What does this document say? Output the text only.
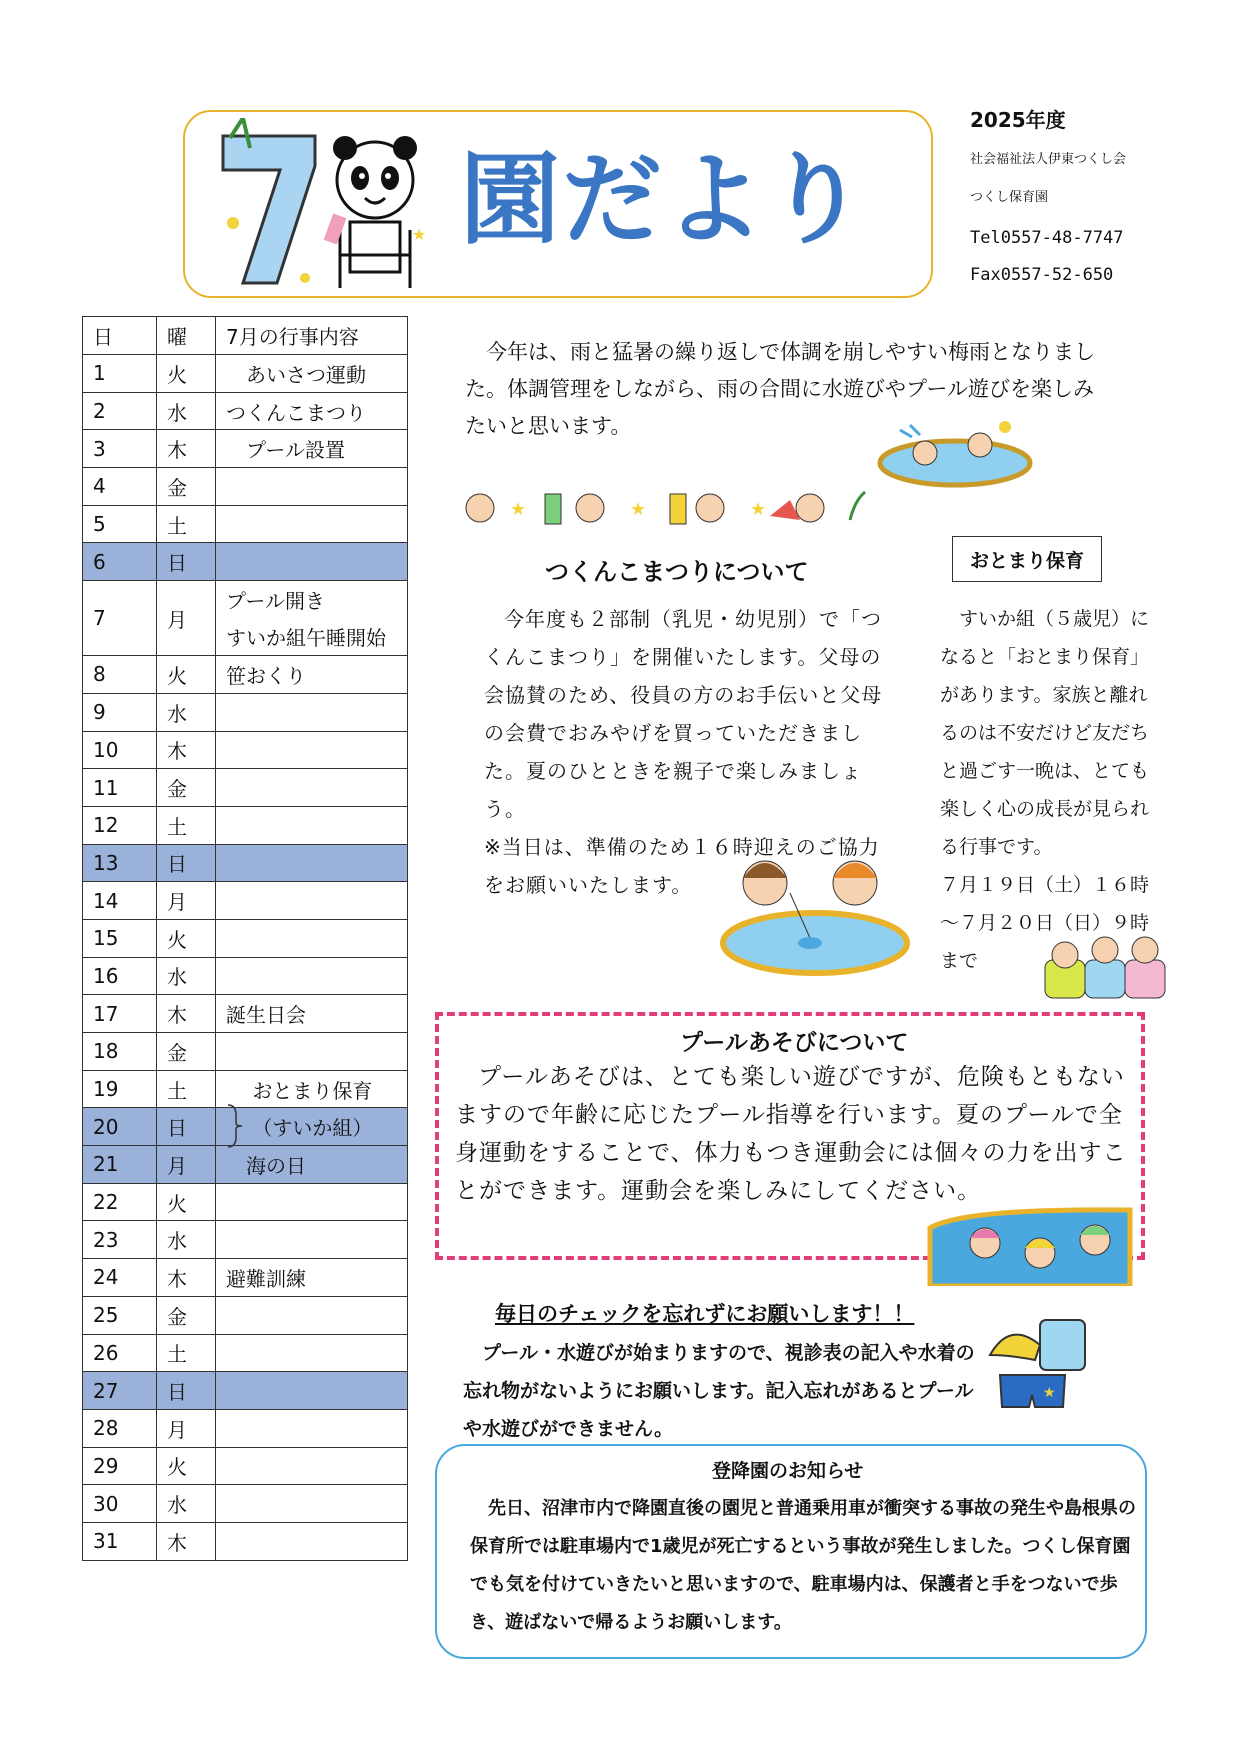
7
★ 園だより
2025年度
社会福祉法人伊東つくし会
つくし保育園
Tel0557-48-7747
Fax0557-52-650
日	曜	7月の行事内容
1	火	　あいさつ運動

2	水	つくんこまつり

3	木	　プール設置

4	金	

5	土	

6	日	

7	月	プール開き
すいか組午睡開始

8	火	笹おくり

9	水	

10	木	

11	金	

12	土	

13	日	

14	月	

15	火	

16	水	

17	木	誕生日会

18	金	

19	土	　 おとまり保育

20	日	　 （すいか組）

21	月	　海の日

22	火	

23	水	

24	木	避難訓練

25	金	

26	土	

27	日	

28	月	

29	火	

30	水	

31	木	
今年は、雨と猛暑の繰り返しで体調を崩しやすい梅雨となりました。体調管理をしながら、雨の合間に水遊びやプール遊びを楽しみたいと思います。
★	★	★
つくんこまつりについて
今年度も２部制（乳児・幼児別）で「つくんこまつり」を開催いたします。父母の会協賛のため、役員の方のお手伝いと父母の会費でおみやげを買っていただきました。夏のひとときを親子で楽しみましょう。
※当日は、準備のため１６時迎えのご協力をお願いいたします。
おとまり保育
すいか組（５歳児）になると「おとまり保育」があります。家族と離れるのは不安だけど友だちと過ごす一晩は、とても楽しく心の成長が見られる行事です。
７月１９日（土）１６時～７月２０日（日）９時まで
プールあそびについて
プールあそびは、とても楽しい遊びですが、危険もともないますので年齢に応じたプール指導を行います。夏のプールで全身運動をすることで、体力もつき運動会には個々の力を出すことができます。運動会を楽しみにしてください。
毎日のチェックを忘れずにお願いします！！
プール・水遊びが始まりますので、視診表の記入や水着の忘れ物がないようにお願いします。記入忘れがあるとプールや水遊びができません。
★
登降園のお知らせ
先日、沼津市内で降園直後の園児と普通乗用車が衝突する事故の発生や島根県の保育所では駐車場内で1歳児が死亡するという事故が発生しました。つくし保育園でも気を付けていきたいと思いますので、駐車場内は、保護者と手をつないで歩き、遊ばないで帰るようお願いします。
